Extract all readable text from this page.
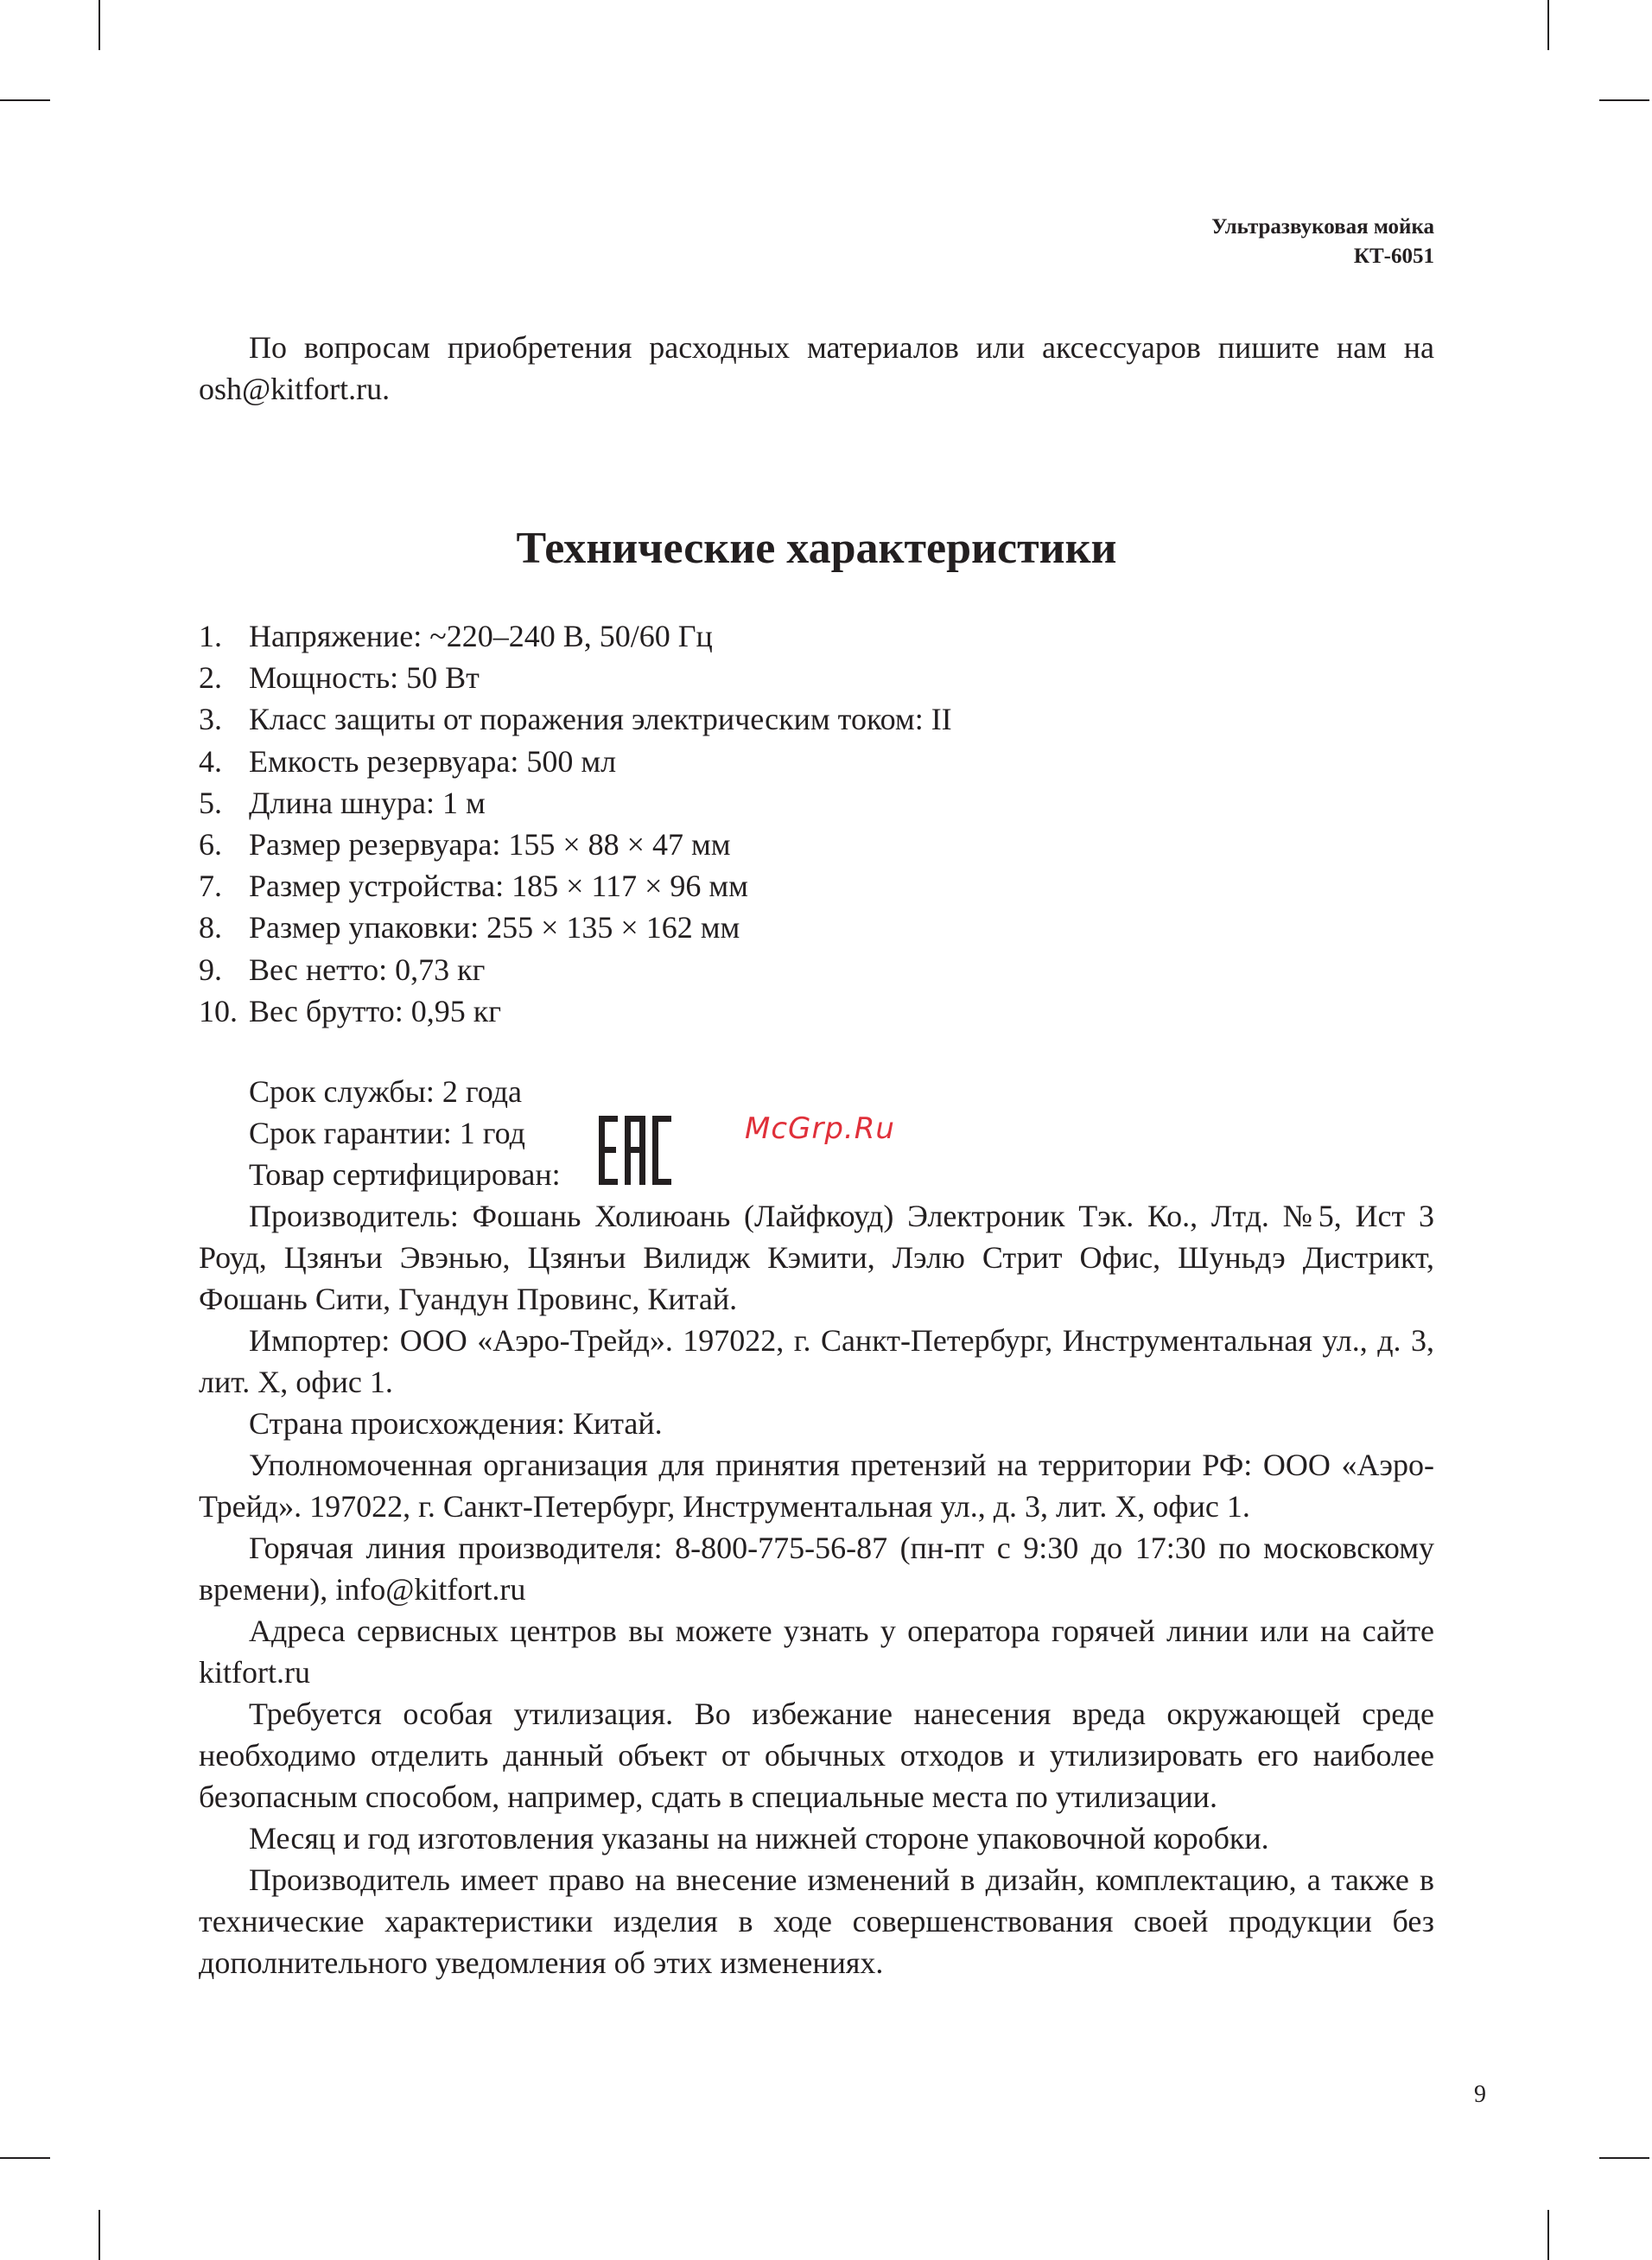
Ультразвуковая мойка
КТ-6051

По вопросам приобретения расходных материалов или аксессуаров пишите нам на osh@kitfort.ru.

Технические характеристики
1. Напряжение: ~220–240 В, 50/60 Гц
2. Мощность: 50 Вт
3. Класс защиты от поражения электрическим током: II
4. Емкость резервуара: 500 мл
5. Длина шнура: 1 м
6. Размер резервуара: 155 × 88 × 47 мм
7. Размер устройства: 185 × 117 × 96 мм
8. Размер упаковки: 255 × 135 × 162 мм
9. Вес нетто: 0,73 кг
10. Вес брутто: 0,95 кг
Срок службы: 2 года
Срок гарантии: 1 год
Товар сертифицирован:

Производитель: Фошань Холиюань (Лайфкоуд) Электроник Тэк. Ко., Лтд. №5, Ист 3 Роуд, Цзянъи Эвэнью, Цзянъи Вилидж Кэмити, Лэлю Стрит Офис, Шуньдэ Дистрикт, Фошань Сити, Гуандун Провинс, Китай.

Импортер: ООО «Аэро-Трейд». 197022, г. Санкт-Петербург, Инструментальная ул., д. 3, лит. Х, офис 1.

Страна происхождения: Китай.

Уполномоченная организация для принятия претензий на территории РФ: ООО «Аэро-Трейд». 197022, г. Санкт-Петербург, Инструментальная ул., д. 3, лит. Х, офис 1.

Горячая линия производителя: 8-800-775-56-87 (пн-пт с 9:30 до 17:30 по московскому времени), info@kitfort.ru

Адреса сервисных центров вы можете узнать у оператора горячей линии или на сайте kitfort.ru

Требуется особая утилизация. Во избежание нанесения вреда окружающей среде необходимо отделить данный объект от обычных отходов и утилизировать его наиболее безопасным способом, например, сдать в специальные места по утилизации.

Месяц и год изготовления указаны на нижней стороне упаковочной коробки.

Производитель имеет право на внесение изменений в дизайн, комплектацию, а также в технические характеристики изделия в ходе совершенствования своей продукции без дополнительного уведомления об этих изменениях.

McGrp.Ru
9
